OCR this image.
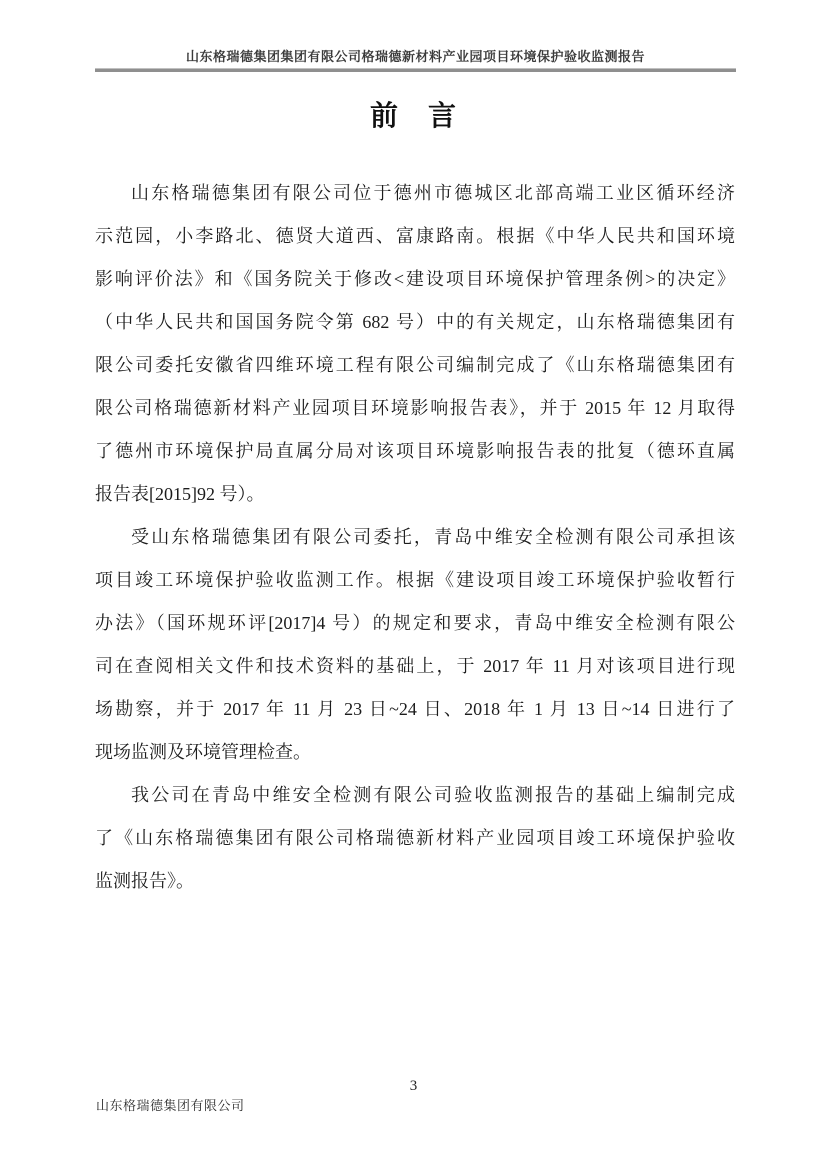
山东格瑞德集团集团有限公司格瑞德新材料产业园项目环境保护验收监测报告
前　言
山东格瑞德集团有限公司位于德州市德城区北部高端工业区循环经济
示范园，小李路北、德贤大道西、富康路南。根据《中华人民共和国环境
影响评价法》和《国务院关于修改<建设项目环境保护管理条例>的决定》
（中华人民共和国国务院令第 682 号）中的有关规定，山东格瑞德集团有
限公司委托安徽省四维环境工程有限公司编制完成了《山东格瑞德集团有
限公司格瑞德新材料产业园项目环境影响报告表》，并于 2015 年 12 月取得
了德州市环境保护局直属分局对该项目环境影响报告表的批复（德环直属
报告表[2015]92 号）。
受山东格瑞德集团有限公司委托，青岛中维安全检测有限公司承担该
项目竣工环境保护验收监测工作。根据《建设项目竣工环境保护验收暂行
办法》（国环规环评[2017]4 号）的规定和要求，青岛中维安全检测有限公
司在查阅相关文件和技术资料的基础上，于 2017 年 11 月对该项目进行现
场勘察，并于 2017 年 11 月 23 日~24 日、2018 年 1 月 13 日~14 日进行了
现场监测及环境管理检查。
我公司在青岛中维安全检测有限公司验收监测报告的基础上编制完成
了《山东格瑞德集团有限公司格瑞德新材料产业园项目竣工环境保护验收
监测报告》。
3
山东格瑞德集团有限公司
